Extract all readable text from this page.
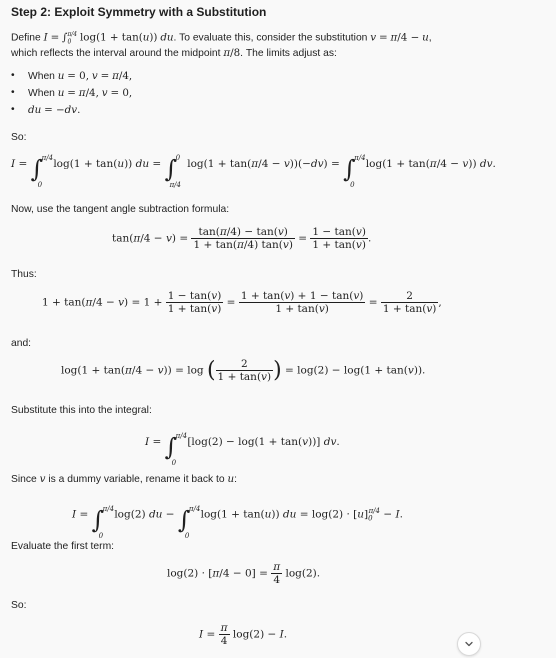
Step 2: Exploit Symmetry with a Substitution
Define $I = \int_0^{\pi/4}$ log(1 + tan(u)) du. To evaluate this, consider the substitution v = π/4 − u,
which reflects the interval around the midpoint π/8. The limits adjust as:
• When u = 0, v = π/4,
• When u = π/4, v = 0,
• du = −dv.
So:
I = ∫
π/4
0
log(1 + tan(u)) du = ∫
0
π/4
log(1 + tan(π/4 − v))(−dv) = ∫
π/4
0
log(1 + tan(π/4 − v)) dv.
Now, use the tangent angle subtraction formula:
$\tan(\pi/4 - v) = \frac{\tan(\pi/4) - \tan(v)}{1 + \tan(\pi/4) \tan(v)} = \frac{1 - \tan(v)}{1 + \tan(v)}$ .
Thus:
$1 + \tan(\pi/4 - v) = 1 + \frac{1 - \tan(v)}{1 + \tan(v)} = \frac{1 + \tan(v) + 1 - \tan(v)}{1 + \tan(v)} = \frac{2}{1 + \tan(v)}$ ,
and:
log(1 + tan(π/4 − v)) = log ( $\frac{2}{1 + \tan(v)}$ ) = log(2) − log(1 + tan(v)).
Substitute this into the integral:
I = ∫
π/4
0
[log(2) − log(1 + tan(v))] dv.
Since v is a dummy variable, rename it back to u:
I = ∫
π/4
0
log(2) du − ∫
π/4
0
log(1 + tan(u)) du = $\log(2) \cdot [u]_0^{\pi/4} - I$.
Evaluate the first term:
$\log(2) \cdot [\pi/4 - 0] = \frac{\pi}{4} \log(2)$.
So:
$I = \frac{\pi}{4} \log(2) - I$.
